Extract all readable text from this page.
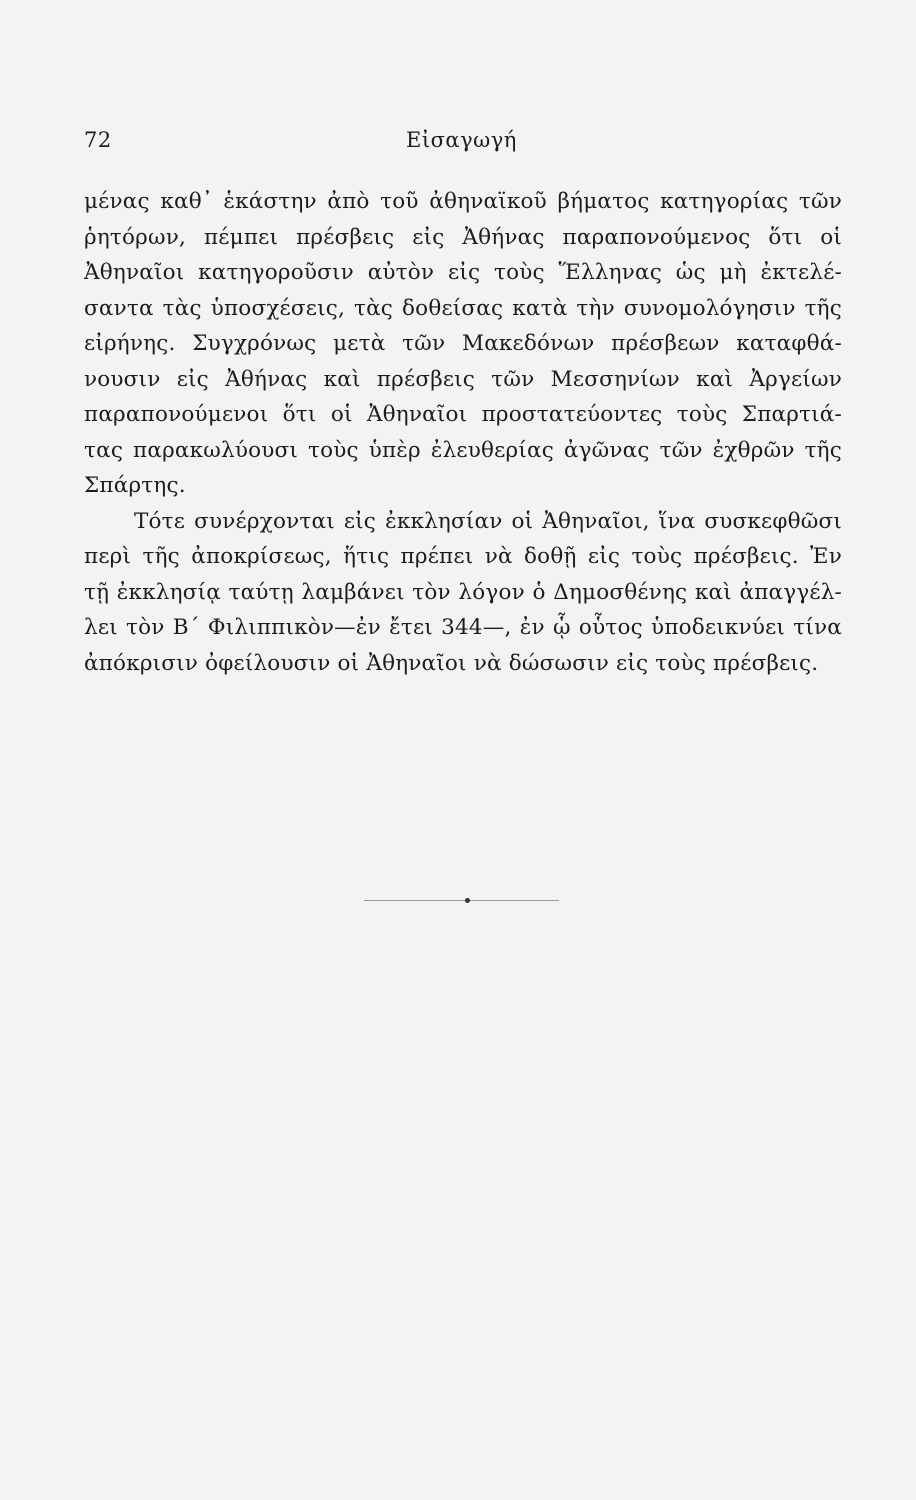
72	Εἰσαγωγή
μένας καθ᾽ ἑκάστην ἀπὸ τοῦ ἀθηναϊκοῦ βήματος κατηγορίας τῶν
ῥητόρων, πέμπει πρέσβεις εἰς Ἀθήνας παραπονούμενος ὅτι οἱ
Ἀθηναῖοι κατηγοροῦσιν αὐτὸν εἰς τοὺς Ἕλληνας ὡς μὴ ἐκτελέ-
σαντα τὰς ὑποσχέσεις, τὰς δοθείσας κατὰ τὴν συνομολόγησιν τῆς
εἰρήνης. Συγχρόνως μετὰ τῶν Μακεδόνων πρέσβεων καταφθά-
νουσιν εἰς Ἀθήνας καὶ πρέσβεις τῶν Μεσσηνίων καὶ Ἀργείων
παραπονούμενοι ὅτι οἱ Ἀθηναῖοι προστατεύοντες τοὺς Σπαρτιά-
τας παρακωλύουσι τοὺς ὑπὲρ ἐλευθερίας ἀγῶνας τῶν ἐχθρῶν τῆς
Σπάρτης.
Τότε συνέρχονται εἰς ἐκκλησίαν οἱ Ἀθηναῖοι, ἵνα συσκεφθῶσι
περὶ τῆς ἀποκρίσεως, ἥτις πρέπει νὰ δοθῇ εἰς τοὺς πρέσβεις. Ἐν
τῇ ἐκκλησίᾳ ταύτῃ λαμβάνει τὸν λόγον ὁ Δημοσθένης καὶ ἀπαγγέλ-
λει τὸν Β΄ Φιλιππικὸν—ἐν ἔτει 344—, ἐν ᾧ οὗτος ὑποδεικνύει τίνα
ἀπόκρισιν ὀφείλουσιν οἱ Ἀθηναῖοι νὰ δώσωσιν εἰς τοὺς πρέσβεις.
